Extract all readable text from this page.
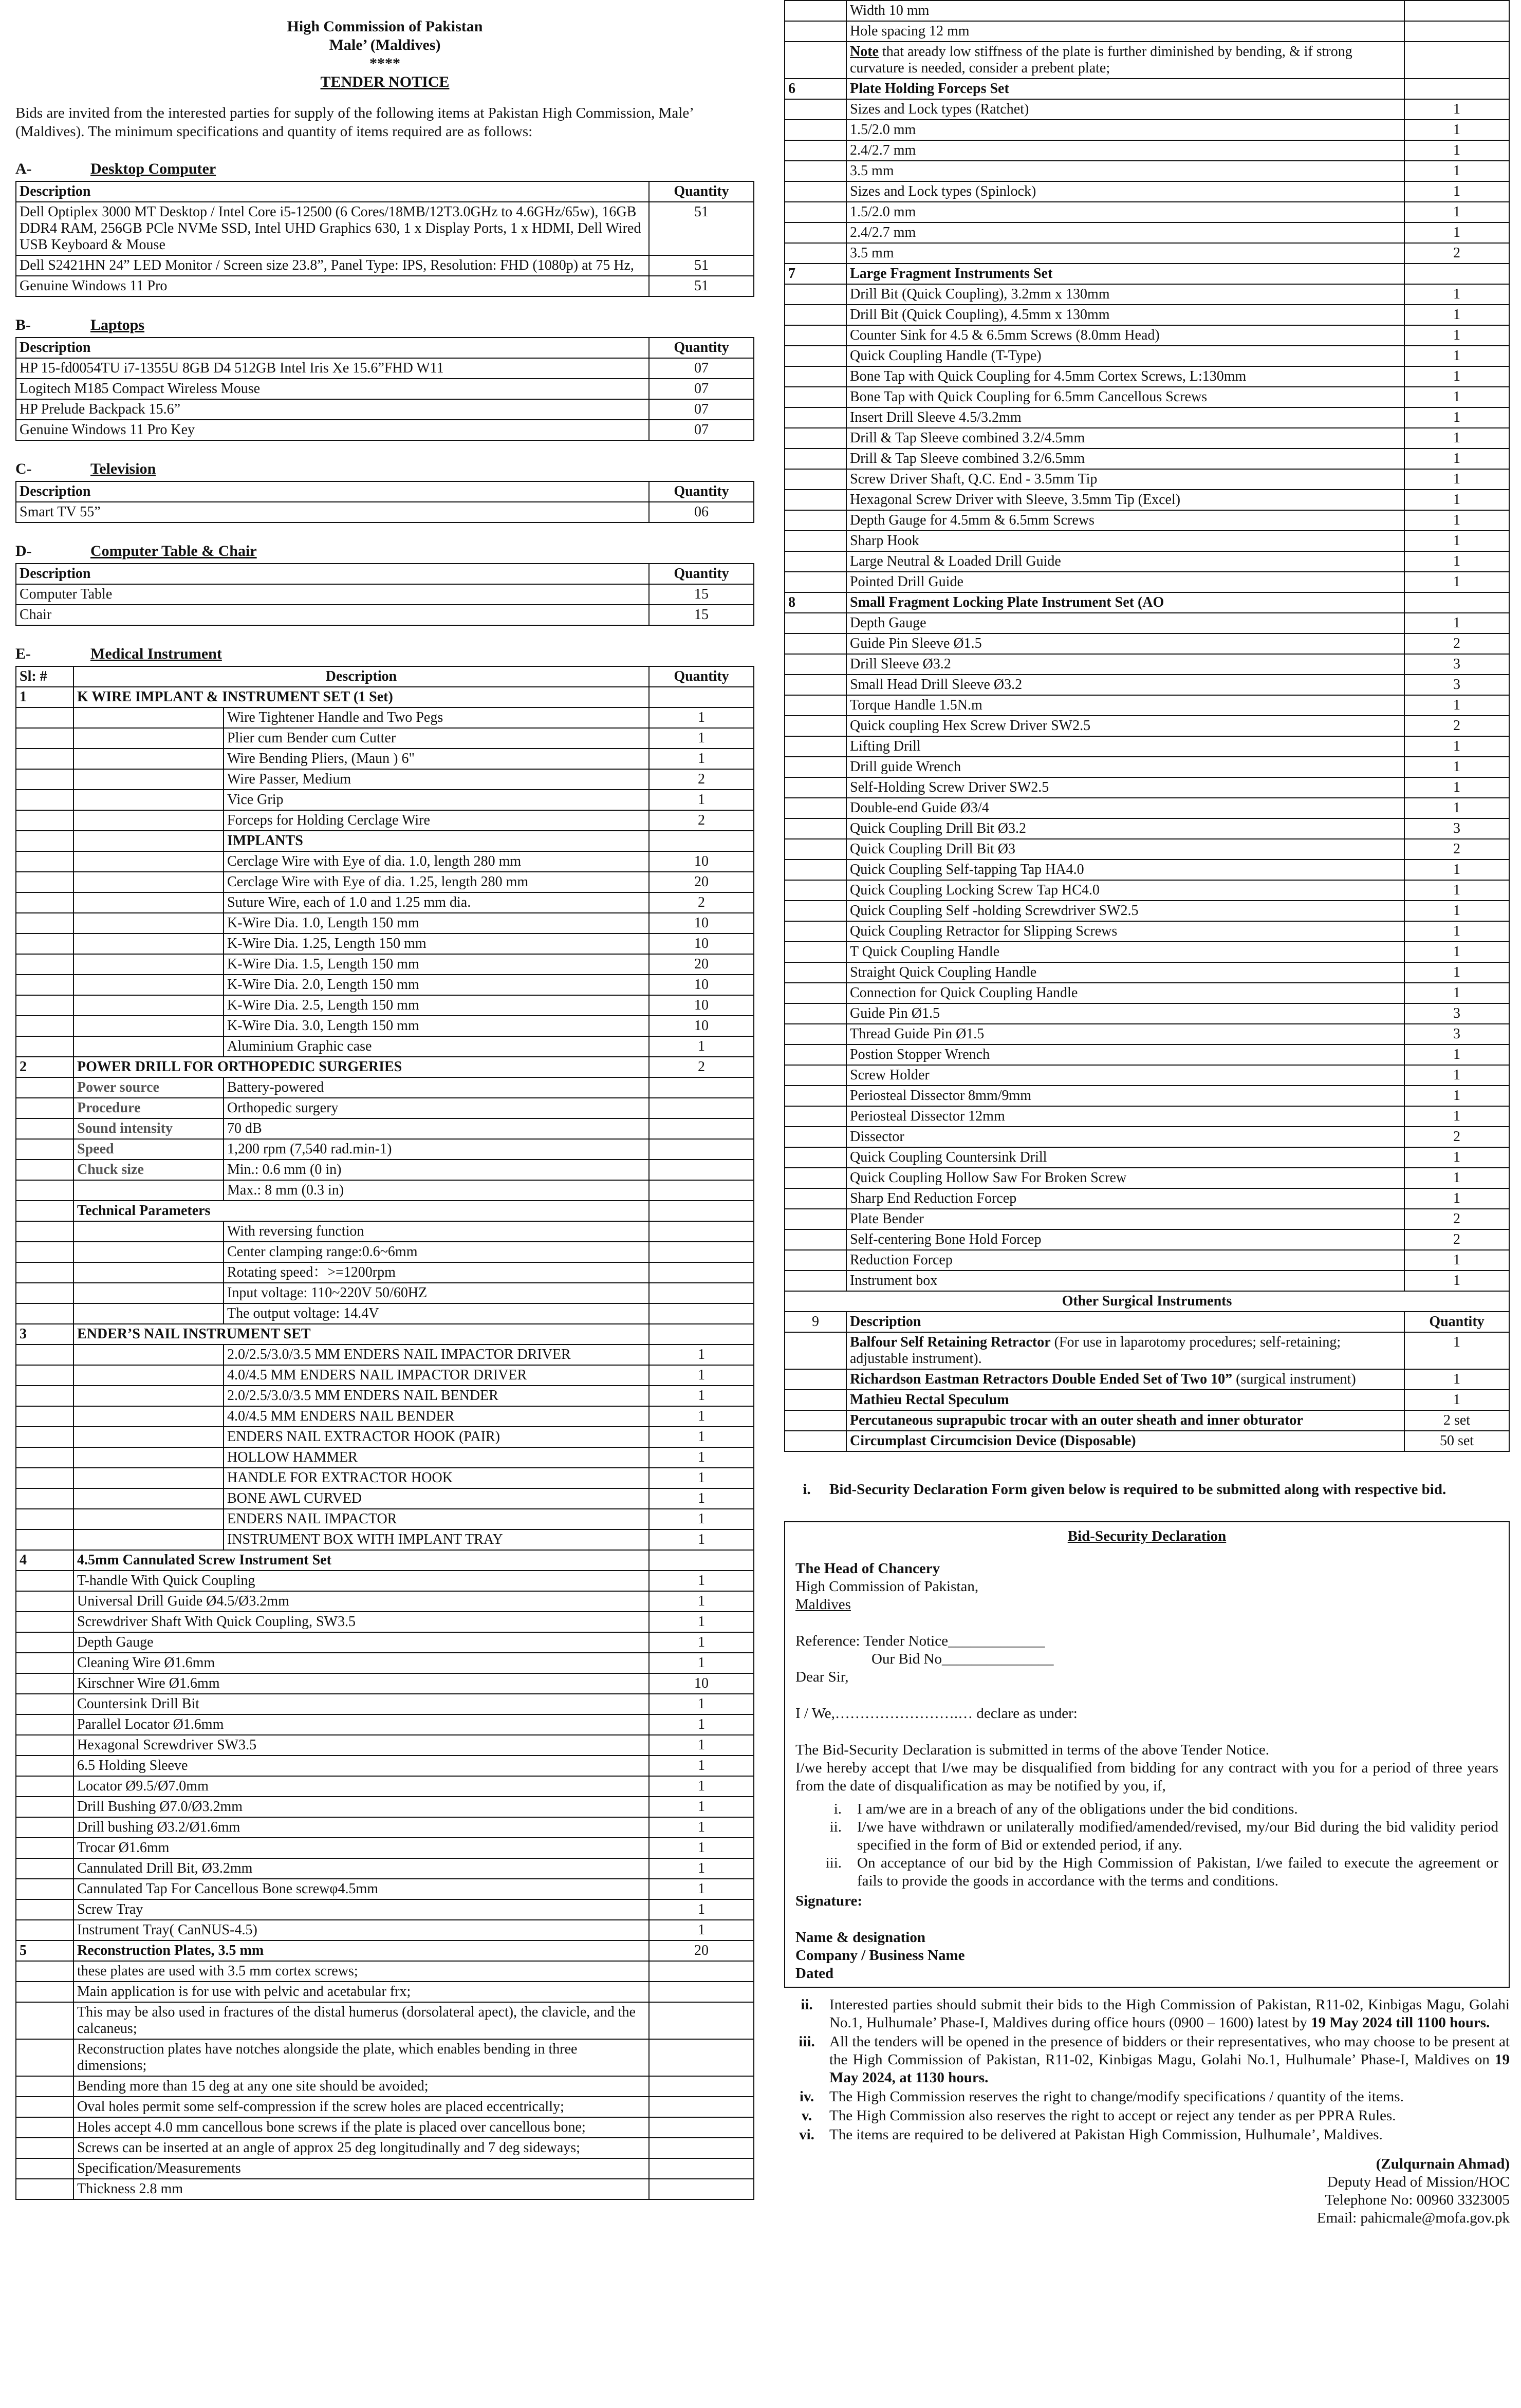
High Commission of Pakistan
Male’ (Maldives)
****
TENDER NOTICE

Bids are invited from the interested parties for supply of the following items at Pakistan High Commission, Male’ (Maldives). The minimum specifications and quantity of items required are as follows:

A-	Desktop Computer
Description	Quantity
Dell Optiplex 3000 MT Desktop / Intel Core i5-12500 (6 Cores/18MB/12T3.0GHz to 4.6GHz/65w), 16GB DDR4 RAM, 256GB PCle NVMe SSD, Intel UHD Graphics 630, 1 x Display Ports, 1 x HDMI, Dell Wired USB Keyboard & Mouse	51
Dell S2421HN 24” LED Monitor / Screen size 23.8”, Panel Type: IPS, Resolution: FHD (1080p) at 75 Hz,	51
Genuine Windows 11 Pro	51
B-	Laptops
Description	Quantity
HP 15-fd0054TU i7-1355U 8GB D4 512GB Intel Iris Xe 15.6”FHD W11	07
Logitech M185 Compact Wireless Mouse	07
HP Prelude Backpack 15.6”	07
Genuine Windows 11 Pro Key	07
C-	Television
Description	Quantity
Smart TV 55”	06
D-	Computer Table & Chair
Description	Quantity
Computer Table	15
Chair	15
E-	Medical Instrument
Sl: #	Description		Quantity
1	K WIRE IMPLANT & INSTRUMENT SET (1 Set)		
		Wire Tightener Handle and Two Pegs	1
		Plier cum Bender cum Cutter	1
		Wire Bending Pliers, (Maun ) 6"	1
		Wire Passer, Medium	2
		Vice Grip	1
		Forceps for Holding Cerclage Wire	2
		IMPLANTS	
		Cerclage Wire with Eye of dia. 1.0, length 280 mm	10
		Cerclage Wire with Eye of dia. 1.25, length 280 mm	20
		Suture Wire, each of 1.0 and 1.25 mm dia.	2
		K-Wire Dia. 1.0, Length 150 mm	10
		K-Wire Dia. 1.25, Length 150 mm	10
		K-Wire Dia. 1.5, Length 150 mm	20
		K-Wire Dia. 2.0, Length 150 mm	10
		K-Wire Dia. 2.5, Length 150 mm	10
		K-Wire Dia. 3.0, Length 150 mm	10
		Aluminium Graphic case	1
2	POWER DRILL FOR ORTHOPEDIC SURGERIES		2
	Power source	Battery-powered	
	Procedure	Orthopedic surgery	
	Sound intensity	70 dB	
	Speed	1,200 rpm (7,540 rad.min-1)	
	Chuck size	Min.: 0.6 mm (0 in)	
		Max.: 8 mm (0.3 in)	
	Technical Parameters		
		With reversing function	
		Center clamping range:0.6~6mm	
		Rotating speed：>=1200rpm	
		Input voltage: 110~220V 50/60HZ	
		The output voltage: 14.4V	
3	ENDER’S NAIL INSTRUMENT SET		
		2.0/2.5/3.0/3.5 MM ENDERS NAIL IMPACTOR DRIVER	1
		4.0/4.5 MM ENDERS NAIL IMPACTOR DRIVER	1
		2.0/2.5/3.0/3.5 MM ENDERS NAIL BENDER	1
		4.0/4.5 MM ENDERS NAIL BENDER	1
		ENDERS NAIL EXTRACTOR HOOK (PAIR)	1
		HOLLOW HAMMER	1
		HANDLE FOR EXTRACTOR HOOK	1
		BONE AWL CURVED	1
		ENDERS NAIL IMPACTOR	1
		INSTRUMENT BOX WITH IMPLANT TRAY	1
4	4.5mm Cannulated Screw Instrument Set		
	T-handle With Quick Coupling		1
	Universal Drill Guide Ø4.5/Ø3.2mm		1
	Screwdriver Shaft With Quick Coupling, SW3.5		1
	Depth Gauge		1
	Cleaning Wire Ø1.6mm		1
	Kirschner Wire Ø1.6mm		10
	Countersink Drill Bit		1
	Parallel Locator Ø1.6mm		1
	Hexagonal Screwdriver SW3.5		1
	6.5 Holding Sleeve		1
	Locator Ø9.5/Ø7.0mm		1
	Drill Bushing Ø7.0/Ø3.2mm		1
	Drill bushing Ø3.2/Ø1.6mm		1
	Trocar Ø1.6mm		1
	Cannulated Drill Bit, Ø3.2mm		1
	Cannulated Tap For Cancellous Bone screwφ4.5mm		1
	Screw Tray		1
	Instrument Tray( CanNUS-4.5)		1
5	Reconstruction Plates, 3.5 mm		20
	these plates are used with 3.5 mm cortex screws;		
	Main application is for use with pelvic and acetabular frx;		
	This may be also used in fractures of the distal humerus (dorsolateral apect), the clavicle, and the calcaneus;		
	Reconstruction plates have notches alongside the plate, which enables bending in three dimensions;		
	Bending more than 15 deg at any one site should be avoided;		
	Oval holes permit some self-compression if the screw holes are placed eccentrically;		
	Holes accept 4.0 mm cancellous bone screws if the plate is placed over cancellous bone;		
	Screws can be inserted at an angle of approx 25 deg longitudinally and 7 deg sideways;		
	Specification/Measurements		
	Thickness 2.8 mm		
	Width 10 mm	
	Hole spacing 12 mm	
	Note that aready low stiffness of the plate is further diminished by bending, & if strong curvature is needed, consider a prebent plate;	
6	Plate Holding Forceps Set	
	Sizes and Lock types (Ratchet)	1
	1.5/2.0 mm	1
	2.4/2.7 mm	1
	3.5 mm	1
	Sizes and Lock types (Spinlock)	1
	1.5/2.0 mm	1
	2.4/2.7 mm	1
	3.5 mm	2
7	Large Fragment Instruments Set	
	Drill Bit (Quick Coupling), 3.2mm x 130mm	1
	Drill Bit (Quick Coupling), 4.5mm x 130mm	1
	Counter Sink for 4.5 & 6.5mm Screws (8.0mm Head)	1
	Quick Coupling Handle (T-Type)	1
	Bone Tap with Quick Coupling for 4.5mm Cortex Screws, L:130mm	1
	Bone Tap with Quick Coupling for 6.5mm Cancellous Screws	1
	Insert Drill Sleeve 4.5/3.2mm	1
	Drill & Tap Sleeve combined 3.2/4.5mm	1
	Drill & Tap Sleeve combined 3.2/6.5mm	1
	Screw Driver Shaft, Q.C. End - 3.5mm Tip	1
	Hexagonal Screw Driver with Sleeve, 3.5mm Tip (Excel)	1
	Depth Gauge for 4.5mm & 6.5mm Screws	1
	Sharp Hook	1
	Large Neutral & Loaded Drill Guide	1
	Pointed Drill Guide	1
8	Small Fragment Locking Plate Instrument Set (AO	
	Depth Gauge	1
	Guide Pin Sleeve Ø1.5	2
	Drill Sleeve Ø3.2	3
	Small Head Drill Sleeve Ø3.2	3
	Torque Handle 1.5N.m	1
	Quick coupling Hex Screw Driver SW2.5	2
	Lifting Drill	1
	Drill guide Wrench	1
	Self-Holding Screw Driver SW2.5	1
	Double-end Guide Ø3/4	1
	Quick Coupling Drill Bit Ø3.2	3
	Quick Coupling Drill Bit Ø3	2
	Quick Coupling Self-tapping Tap HA4.0	1
	Quick Coupling Locking Screw Tap HC4.0	1
	Quick Coupling Self -holding Screwdriver SW2.5	1
	Quick Coupling Retractor for Slipping Screws	1
	T Quick Coupling Handle	1
	Straight Quick Coupling Handle	1
	Connection for Quick Coupling Handle	1
	Guide Pin Ø1.5	3
	Thread Guide Pin Ø1.5	3
	Postion Stopper Wrench	1
	Screw Holder	1
	Periosteal Dissector 8mm/9mm	1
	Periosteal Dissector 12mm	1
	Dissector	2
	Quick Coupling Countersink Drill	1
	Quick Coupling Hollow Saw For Broken Screw	1
	Sharp End Reduction Forcep	1
	Plate Bender	2
	Self-centering Bone Hold Forcep	2
	Reduction Forcep	1
	Instrument box	1
Other Surgical Instruments		
9	Description	Quantity
	Balfour Self Retaining Retractor (For use in laparotomy procedures; self-retaining; adjustable instrument).	1
	Richardson Eastman Retractors Double Ended Set of Two 10” (surgical instrument)	1
	Mathieu Rectal Speculum	1
	Percutaneous suprapubic trocar with an outer sheath and inner obturator	2 set
	Circumplast Circumcision Device (Disposable)	50 set
i.	Bid-Security Declaration Form given below is required to be submitted along with respective bid.
Bid-Security Declaration
The Head of Chancery
High Commission of Pakistan,
Maldives
Reference: Tender Notice_____________
Our Bid No_______________
Dear Sir,
I / We,…………………….… declare as under:
The Bid-Security Declaration is submitted in terms of the above Tender Notice.
I/we hereby accept that I/we may be disqualified from bidding for any contract with you for a period of three years from the date of disqualification as may be notified by you, if,
i.	I am/we are in a breach of any of the obligations under the bid conditions.
ii.	I/we have withdrawn or unilaterally modified/amended/revised, my/our Bid during the bid validity period specified in the form of Bid or extended period, if any.
iii.	On acceptance of our bid by the High Commission of Pakistan, I/we failed to execute the agreement or fails to provide the goods in accordance with the terms and conditions.
Signature:
Name & designation
Company / Business Name
Dated
ii.	Interested parties should submit their bids to the High Commission of Pakistan, R11-02, Kinbigas Magu, Golahi No.1, Hulhumale’ Phase-I, Maldives during office hours (0900 – 1600) latest by 19 May 2024 till 1100 hours.
iii. All the tenders will be opened in the presence of bidders or their representatives, who may choose to be present at the High Commission of Pakistan, R11-02, Kinbigas Magu, Golahi No.1, Hulhumale’ Phase-I, Maldives on 19 May 2024, at 1130 hours.
iv.	The High Commission reserves the right to change/modify specifications / quantity of the items.
v.	The High Commission also reserves the right to accept or reject any tender as per PPRA Rules.
vi.	The items are required to be delivered at Pakistan High Commission, Hulhumale’, Maldives.
(Zulqurnain Ahmad)
Deputy Head of Mission/HOC
Telephone No: 00960 3323005
Email: pahicmale@mofa.gov.pk
